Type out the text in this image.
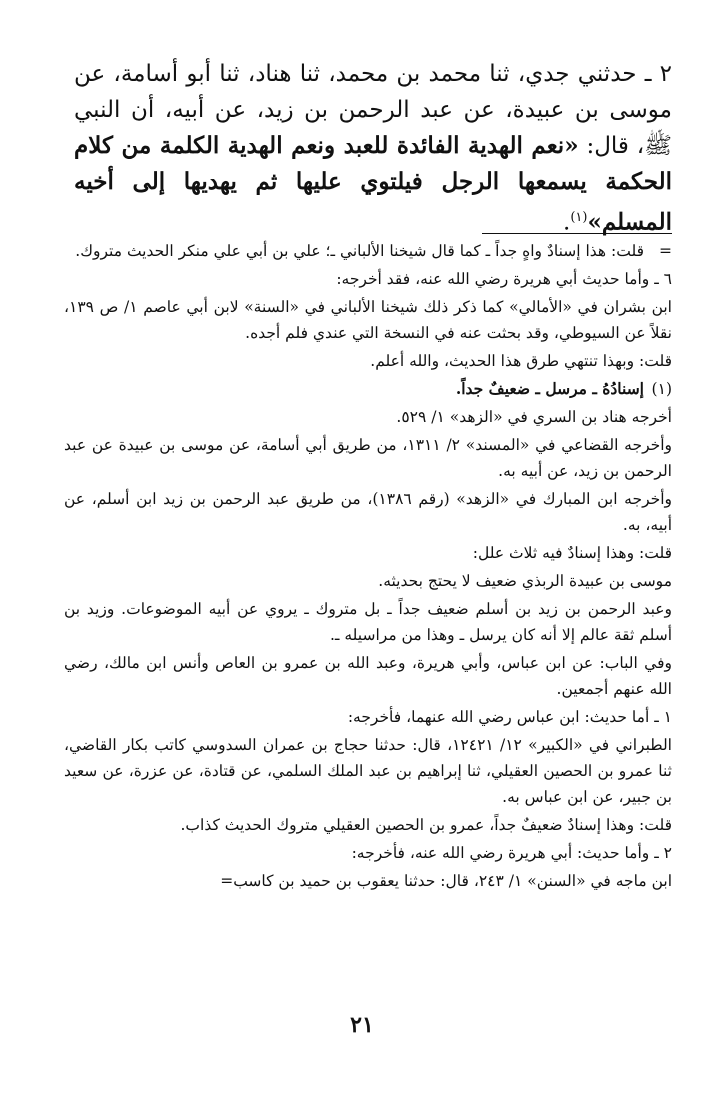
٢ ـ حدثني جدي، ثنا محمد بن محمد، ثنا هناد، ثنا أبو أسامة، عن موسى بن عبيدة، عن عبد الرحمن بن زيد، عن أبيه، أن النبي ﷺ، قال: «نعم الهدية الفائدة للعبد ونعم الهدية الكلمة من كلام الحكمة يسمعها الرجل فيلتوي عليها ثم يهديها إلى أخيه المسلم»$^{(١)}$.

=
قلت: هذا إسنادٌ واهٍ جداً ـ كما قال شيخنا الألباني ـ؛ علي بن أبي علي منكر الحديث متروك.

٦ ـ وأما حديث أبي هريرة رضي الله عنه، فقد أخرجه:

ابن بشران في «الأمالي» كما ذكر ذلك شيخنا الألباني في «السنة» لابن أبي عاصم ١/ ص ١٣٩، نقلاً عن السيوطي، وقد بحثت عنه في النسخة التي عندي فلم أجده.

قلت: وبهذا تنتهي طرق هذا الحديث، والله أعلم.

(١)
إسنادُهُ ـ مرسل ـ ضعيفٌ جداً.

أخرجه هناد بن السري في «الزهد» ١/ ٥٢٩.

وأخرجه القضاعي في «المسند» ٢/ ١٣١١، من طريق أبي أسامة، عن موسى بن عبيدة عن عبد الرحمن بن زيد، عن أبيه به.

وأخرجه ابن المبارك في «الزهد» (رقم ١٣٨٦)، من طريق عبد الرحمن بن زيد ابن أسلم، عن أبيه، به.

قلت: وهذا إسنادٌ فيه ثلاث علل:

موسى بن عبيدة الربذي ضعيف لا يحتج بحديثه.

وعبد الرحمن بن زيد بن أسلم ضعيف جداً ـ بل متروك ـ يروي عن أبيه الموضوعات. وزيد بن أسلم ثقة عالم إلا أنه كان يرسل ـ وهذا من مراسيله ـ.

وفي الباب: عن ابن عباس، وأبي هريرة، وعبد الله بن عمرو بن العاص وأنس ابن مالك، رضي الله عنهم أجمعين.

١ ـ أما حديث: ابن عباس رضي الله عنهما، فأخرجه:

الطبراني في «الكبير» ١٢/ ١٢٤٢١، قال: حدثنا حجاج بن عمران السدوسي كاتب بكار القاضي، ثنا عمرو بن الحصين العقيلي، ثنا إبراهيم بن عبد الملك السلمي، عن قتادة، عن عزرة، عن سعيد بن جبير، عن ابن عباس به.

قلت: وهذا إسنادٌ ضعيفٌ جداً، عمرو بن الحصين العقيلي متروك الحديث كذاب.

٢ ـ وأما حديث: أبي هريرة رضي الله عنه، فأخرجه:

ابن ماجه في «السنن» ١/ ٢٤٣، قال: حدثنا يعقوب بن حميد بن كاسب=

٢١
